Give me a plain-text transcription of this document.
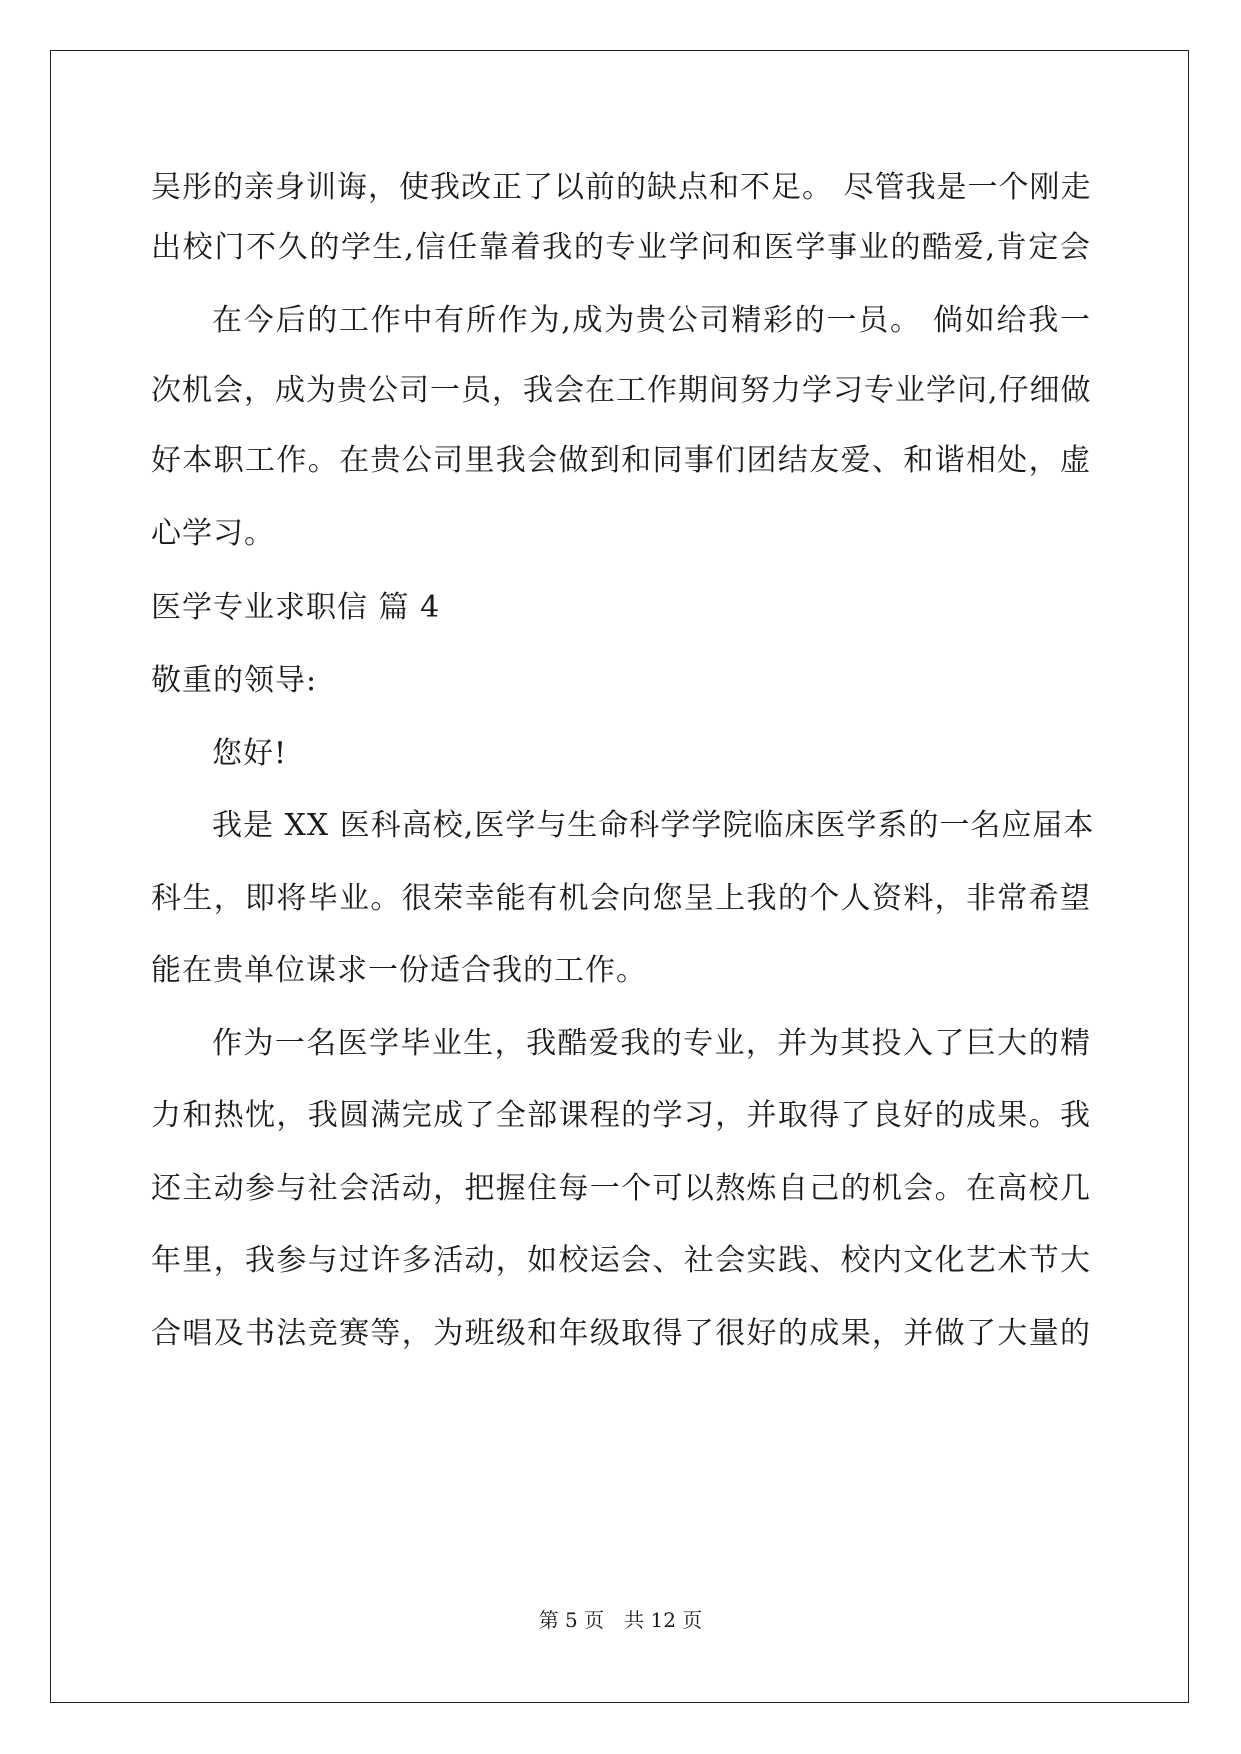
吴彤的亲身训诲，使我改正了以前的缺点和不足。 尽管我是一个刚走
出校门不久的学生,信任靠着我的专业学问和医学事业的酷爱,肯定会
在今后的工作中有所作为,成为贵公司精彩的一员。 倘如给我一
次机会，成为贵公司一员，我会在工作期间努力学习专业学问,仔细做
好本职工作。在贵公司里我会做到和同事们团结友爱、和谐相处，虚
心学习。
医学专业求职信 篇 4
敬重的领导:
您好!
我是 XX 医科高校,医学与生命科学学院临床医学系的一名应届本
科生，即将毕业。很荣幸能有机会向您呈上我的个人资料，非常希望
能在贵单位谋求一份适合我的工作。
作为一名医学毕业生，我酷爱我的专业，并为其投入了巨大的精
力和热忱，我圆满完成了全部课程的学习，并取得了良好的成果。我
还主动参与社会活动，把握住每一个可以熬炼自己的机会。在高校几
年里，我参与过许多活动，如校运会、社会实践、校内文化艺术节大
合唱及书法竞赛等，为班级和年级取得了很好的成果，并做了大量的
第 5 页　共 12 页
